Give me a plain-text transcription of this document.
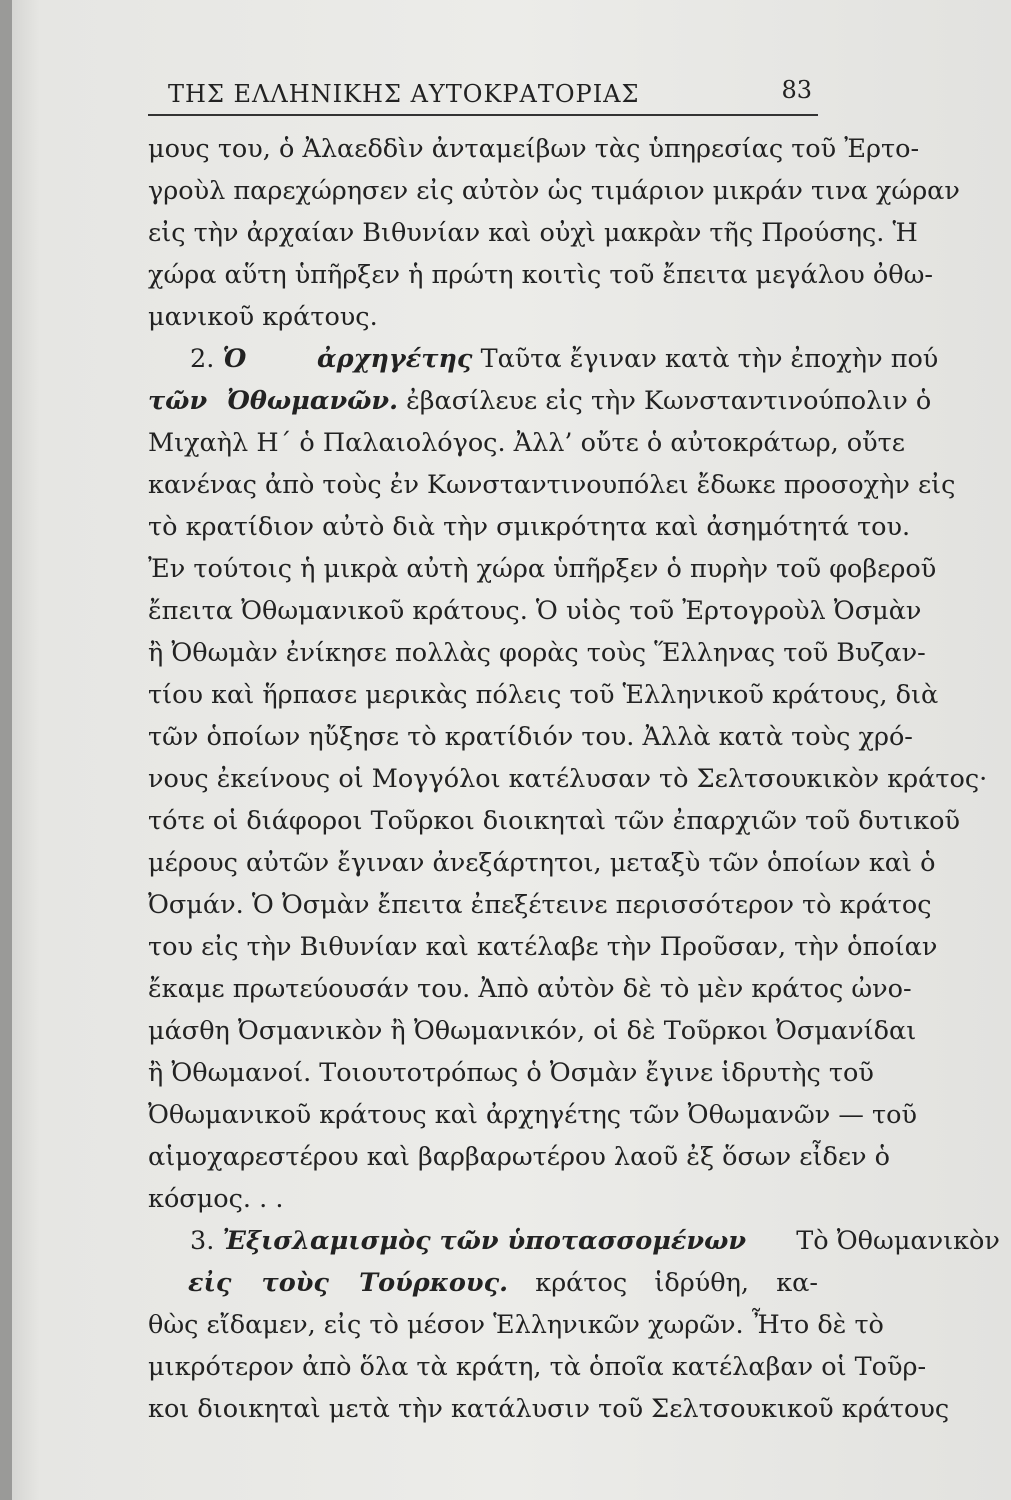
ΤΗΣ ΕΛΛΗΝΙΚΗΣ ΑΥΤΟΚΡΑΤΟΡΙΑΣ	83
μους του, ὁ Ἀλαεδδὶν ἀνταμείβων τὰς ὑπηρεσίας τοῦ Ἐρτο-
γροὺλ παρεχώρησεν εἰς αὐτὸν ὡς τιμάριον μικράν τινα χώραν
εἰς τὴν ἀρχαίαν Βιθυνίαν καὶ οὐχὶ μακρὰν τῆς Προύσης. Ἡ
χώρα αὕτη ὑπῆρξεν ἡ πρώτη κοιτὶς τοῦ ἔπειτα μεγάλου ὀθω-
μανικοῦ κράτους.
2. Ὁ ἀρχηγέτης Ταῦτα ἔγιναν κατὰ τὴν ἐποχὴν πού
τῶν Ὀθωμανῶν. ἐβασίλευε εἰς τὴν Κωνσταντινούπολιν ὁ
Μιχαὴλ Η΄ ὁ Παλαιολόγος. Ἀλλ’ οὔτε ὁ αὐτοκράτωρ, οὔτε
κανένας ἀπὸ τοὺς ἐν Κωνσταντινουπόλει ἔδωκε προσοχὴν εἰς
τὸ κρατίδιον αὐτὸ διὰ τὴν σμικρότητα καὶ ἀσημότητά του.
Ἐν τούτοις ἡ μικρὰ αὐτὴ χώρα ὑπῆρξεν ὁ πυρὴν τοῦ φοβεροῦ
ἔπειτα Ὀθωμανικοῦ κράτους. Ὁ υἱὸς τοῦ Ἐρτογροὺλ Ὀσμὰν
ἢ Ὀθωμὰν ἐνίκησε πολλὰς φορὰς τοὺς Ἕλληνας τοῦ Βυζαν-
τίου καὶ ἥρπασε μερικὰς πόλεις τοῦ Ἑλληνικοῦ κράτους, διὰ
τῶν ὁποίων ηὔξησε τὸ κρατίδιόν του. Ἀλλὰ κατὰ τοὺς χρό-
νους ἐκείνους οἱ Μογγόλοι κατέλυσαν τὸ Σελτσουκικὸν κράτος·
τότε οἱ διάφοροι Τοῦρκοι διοικηταὶ τῶν ἐπαρχιῶν τοῦ δυτικοῦ
μέρους αὐτῶν ἔγιναν ἀνεξάρτητοι, μεταξὺ τῶν ὁποίων καὶ ὁ
Ὀσμάν. Ὁ Ὀσμὰν ἔπειτα ἐπεξέτεινε περισσότερον τὸ κράτος
του εἰς τὴν Βιθυνίαν καὶ κατέλαβε τὴν Προῦσαν, τὴν ὁποίαν
ἔκαμε πρωτεύουσάν του. Ἀπὸ αὐτὸν δὲ τὸ μὲν κράτος ὠνο-
μάσθη Ὀσμανικὸν ἢ Ὀθωμανικόν, οἱ δὲ Τοῦρκοι Ὀσμανίδαι
ἢ Ὀθωμανοί. Τοιουτοτρόπως ὁ Ὀσμὰν ἔγινε ἱδρυτὴς τοῦ
Ὀθωμανικοῦ κράτους καὶ ἀρχηγέτης τῶν Ὀθωμανῶν — τοῦ
αἱμοχαρεστέρου καὶ βαρβαρωτέρου λαοῦ ἐξ ὅσων εἶδεν ὁ
κόσμος. . .
3. Ἐξισλαμισμὸς τῶν ὑποτασσομένων Τὸ Ὀθωμανικὸν
εἰς τοὺς Τούρκους. κράτος ἱδρύθη, κα-
θὼς εἴδαμεν, εἰς τὸ μέσον Ἑλληνικῶν χωρῶν. Ἦτο δὲ τὸ
μικρότερον ἀπὸ ὅλα τὰ κράτη, τὰ ὁποῖα κατέλαβαν οἱ Τοῦρ-
κοι διοικηταὶ μετὰ τὴν κατάλυσιν τοῦ Σελτσουκικοῦ κράτους
